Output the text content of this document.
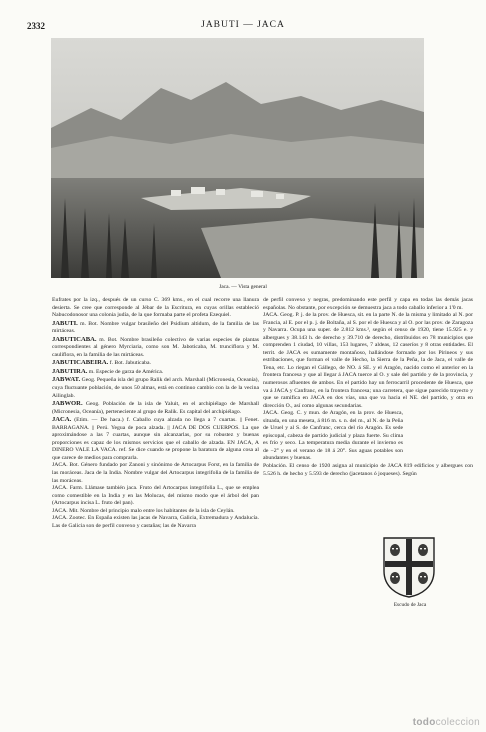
2332	JABUTI — JACA
Jaca. — Vista general

Eufrates por la izq., después de un curso C. 369 kms., en el cual recorre una llanura desierta. Se cree que corresponde al Jébar de la Escritura, en cuyas orillas estableció Nabucodonosor una colonia judía, de la que formaba parte el profeta Ezequiel.

JABUTI. m. Bot. Nombre vulgar brasileño del Psidium altidum, de la familia de las mirtáceas.

JABUTICABA. m. Bot. Nombre brasileño colectivo de varias especies de plantas correspondientes al género Myrciaria, como son M. Jaboticaba, M. trunciflora y M. cauliflora, en la familia de las mirtáceas.

JABUTICABEIRA. f. Bot. Jabuticaba.

JABUTIRA. m. Especie de garza de América.

JABWAT. Geog. Pequeña isla del grupo Ralik del arch. Marshall (Micronesia, Oceanía), cuya fluctuante población, de unos 50 almas, está en continuo cambio con la de la vecina Ailinglab.

JABWOR. Geog. Población de la isla de Yaluit, en el archipiélago de Marshall (Micronesia, Oceanía), perteneciente al grupo de Ralik. Es capital del archipiélago.

JACA. (Etim. — De haca.) f. Caballo cuya alzada no llega a 7 cuartas. || Fenet. BARRAGANA. || Perú. Yegua de poca alzada. || JACA DE DOS CUERPOS. La que aproximándose a las 7 cuartas, aunque sin alcanzarlas, por su robustez y buenas proporciones es capaz de los mismos servicios que el caballo de alzada. EN JACA, A DINERO VALE LA VACA. ref. Se dice cuando se propone la baratura de alguna cosa al que carece de medios para comprarla.

JACA. Bot. Género fundado por Zanoni y sinónimo de Artocarpus Forst, en la familia de las moráceas. Jaca de la India. Nombre vulgar del Artocarpus integrifolia de la familia de las moráceas.

JACA. Farm. Llámase también jaca. Fruto del Artocarpus integrifolia L., que se emplea como comestible en la India y en las Molucas, del mismo modo que el árbol del pan (Artocarpus incisa L. fruto del pan).

JACA. Mit. Nombre del principio malo entre los habitantes de la isla de Ceylán.

JACA. Zootec. En España existen las jacas de Navarra, Galicia, Extremadura y Andalucía. Las de Galicia son de perfil convexo y castañas; las de Navarra

de perfil convexo y negras, predominando este perfil y capa en todas las demás jacas españolas. No obstante, por excepción se demuestra jaca a todo caballo inferior a 1'0 m.

JACA. Geog. P. j. de la prov. de Huesca, sit. en la parte N. de la misma y limitado al N. por Francia, al E. por el p. j. de Boltaña, al S. por el de Huesca y al O. por las prov. de Zaragoza y Navarra. Ocupa una super. de 2.812 kms.², según el censo de 1920, tiene 15.925 e. y albergues y 38.143 h. de derecho y 39.710 de derecho, distribuidos en 78 municipios que comprenden 1 ciudad, 10 villas, 153 lugares, 7 aldeas, 12 caseríos y 8 otras entidades. El territ. de JACA es sumamente montañoso, hallándose formado por los Pirineos y sus estribaciones, que forman el valle de Hecho, la Sierra de la Peña, la de Jaca, el valle de Tena, etc. Lo riegan el Gállego, de NO. á SE. y el Aragón, nacido como el anterior en la frontera francesa y que al llegar á JACA tuerce al O. y sale del partido y de la provincia, y numerosos afluentes de ambos. En el partido hay un ferrocarril procedente de Huesca, que va á JACA y Canfranc, en la frontera francesa; una carretera, que sigue parecido trayecto y que se ramifica en JACA en dos vías, una que va hacia el NE. del partido, y otra en dirección O., así como algunas secundarias.

JACA. Geog. C. y mun. de Aragón, en la prov. de Huesca, situada, en una meseta, á 816 m. s. n. del m., al N. de la Peña de Uruel y al S. de Canfranc, cerca del río Aragón. Es sede episcopal, cabeza de partido judicial y plaza fuerte. Su clima es frío y seco. La temperatura media durante el invierno es de −2° y en el verano de 18 á 20°. Sus aguas potables son abundantes y buenas.

Población. El censo de 1920 asigna al municipio de JACA 819 edificios y albergues con 5.526 h. de hecho y 5.593 de derecho (jacetanos ó joqueses). Según

Escudo de Jaca
todocoleccion
